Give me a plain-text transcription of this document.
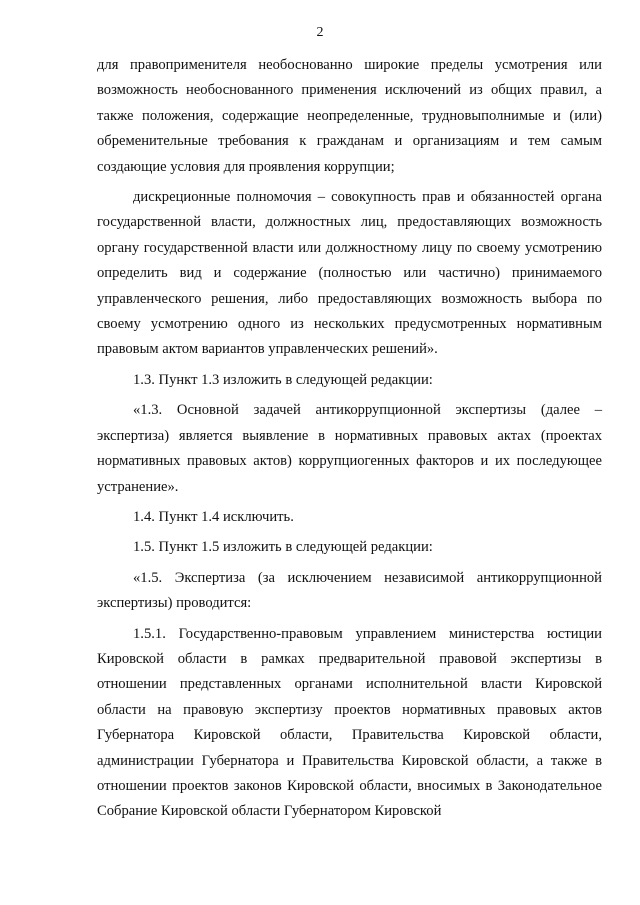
2

для правоприменителя необоснованно широкие пределы усмотрения или возможность необоснованного применения исключений из общих правил, а также положения, содержащие неопределенные, трудновыполнимые и (или) обременительные требования к гражданам и организациям и тем самым создающие условия для проявления коррупции;

дискреционные полномочия – совокупность прав и обязанностей органа государственной власти, должностных лиц, предоставляющих возможность органу государственной власти или должностному лицу по своему усмотрению определить вид и содержание (полностью или частично) принимаемого управленческого решения, либо предоставляющих возможность выбора по своему усмотрению одного из нескольких предусмотренных нормативным правовым актом вариантов управленческих решений».

1.3. Пункт 1.3 изложить в следующей редакции:

«1.3. Основной задачей антикоррупционной экспертизы (далее – экспертиза) является выявление в нормативных правовых актах (проектах нормативных правовых актов) коррупциогенных факторов и их последующее устранение».

1.4. Пункт 1.4 исключить.

1.5. Пункт 1.5 изложить в следующей редакции:

«1.5. Экспертиза (за исключением независимой антикоррупционной экспертизы) проводится:

1.5.1. Государственно-правовым управлением министерства юстиции Кировской области в рамках предварительной правовой экспертизы в отношении представленных органами исполнительной власти Кировской области на правовую экспертизу проектов нормативных правовых актов Губернатора Кировской области, Правительства Кировской области, администрации Губернатора и Правительства Кировской области, а также в отношении проектов законов Кировской области, вносимых в Законодательное Собрание Кировской области Губернатором Кировской
